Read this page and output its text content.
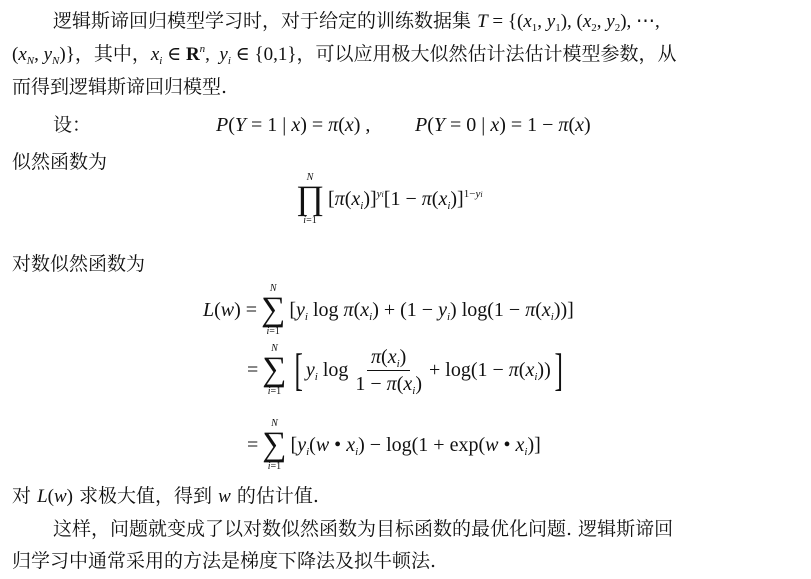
逻辑斯谛回归模型学习时，对于给定的训练数据集 $T = \{(x_1$, $y_1$), ($x_2$, $y_2$), ⋯,
($x_N$, $y_N$)}，其中，$x_i$ ∈ $R^n$,  $y_i$ ∈ {0,1}，可以应用极大似然估计法估计模型参数，从
而得到逻辑斯谛回归模型.
设：	P(Y = 1 | x) = π(x) , P(Y = 0 | x) = 1 − π(x)
似然函数为
N
∏
i=1
$[\pi(x_i)]^{yi}[1 - \pi(x_i)]^{1-yi}$
对数似然函数为
L(w) =
N
∑
i=1
[$y_i$ $\log \pi(x_i) + (1 - y_i) \log(1 - \pi(x_i))$]
=
N
∑
i=1 [ $y_i$ $\log \frac{\pi(x_i)}{1 - \pi(x_i)} + \log(1 - \pi(x_i))$ ]
=
N
∑
i=1
[$y_i(w$ • $x_i) - \log(1 + \exp(w$ • $x_i$)]
对 L(w) 求极大值，得到 w 的估计值.
这样，问题就变成了以对数似然函数为目标函数的最优化问题. 逻辑斯谛回
归学习中通常采用的方法是梯度下降法及拟牛顿法.
